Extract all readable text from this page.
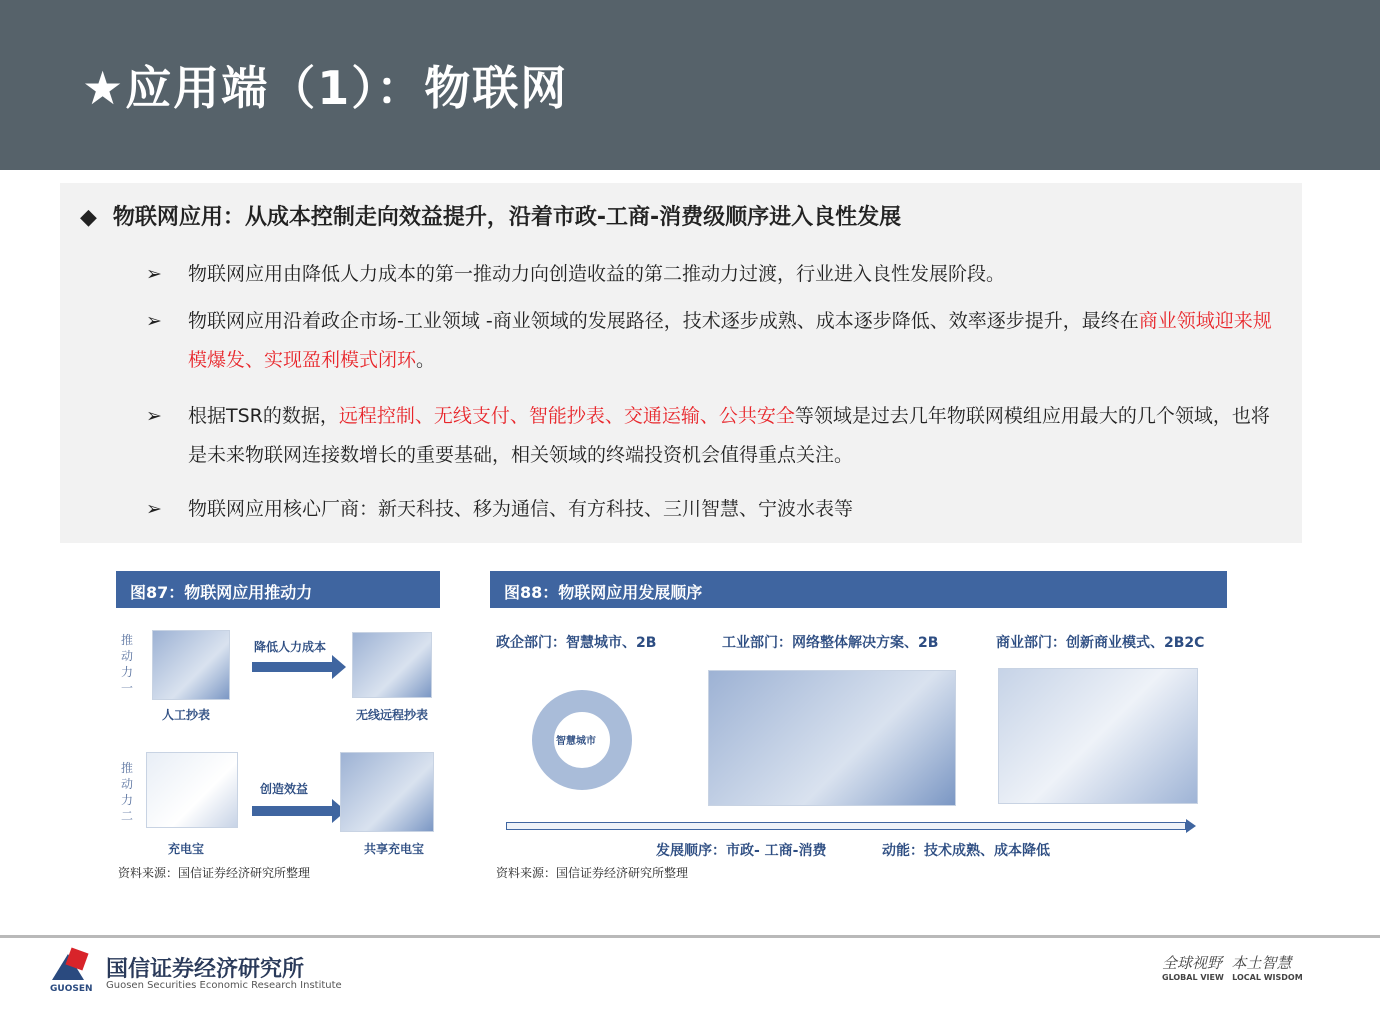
★应用端（1）：物联网
◆ 物联网应用：从成本控制走向效益提升，沿着市政-工商-消费级顺序进入良性发展
➢ 物联网应用由降低人力成本的第一推动力向创造收益的第二推动力过渡，行业进入良性发展阶段。
➢ 物联网应用沿着政企市场-工业领域 -商业领域的发展路径，技术逐步成熟、成本逐步降低、效率逐步提升，最终在商业领域迎来规模爆发、实现盈利模式闭环。
➢ 根据TSR的数据，远程控制、无线支付、智能抄表、交通运输、公共安全等领域是过去几年物联网模组应用最大的几个领域，也将是未来物联网连接数增长的重要基础，相关领域的终端投资机会值得重点关注。
➢ 物联网应用核心厂商：新天科技、移为通信、有方科技、三川智慧、宁波水表等
图87：物联网应用推动力
推动力一
降低人力成本
人工抄表	无线远程抄表
推动力二
创造效益
充电宝	共享充电宝
资料来源：国信证券经济研究所整理
图88：物联网应用发展顺序
政企部门：智慧城市、2B	工业部门：网络整体解决方案、2B	商业部门：创新商业模式、2B2C
智慧城市
发展顺序：市政- 工商-消费	动能：技术成熟、成本降低
资料来源：国信证券经济研究所整理
GUOSEN
国信证券经济研究所
Guosen Securities Economic Research Institute
全球视野  本土智慧
GLOBAL VIEW   LOCAL WISDOM
